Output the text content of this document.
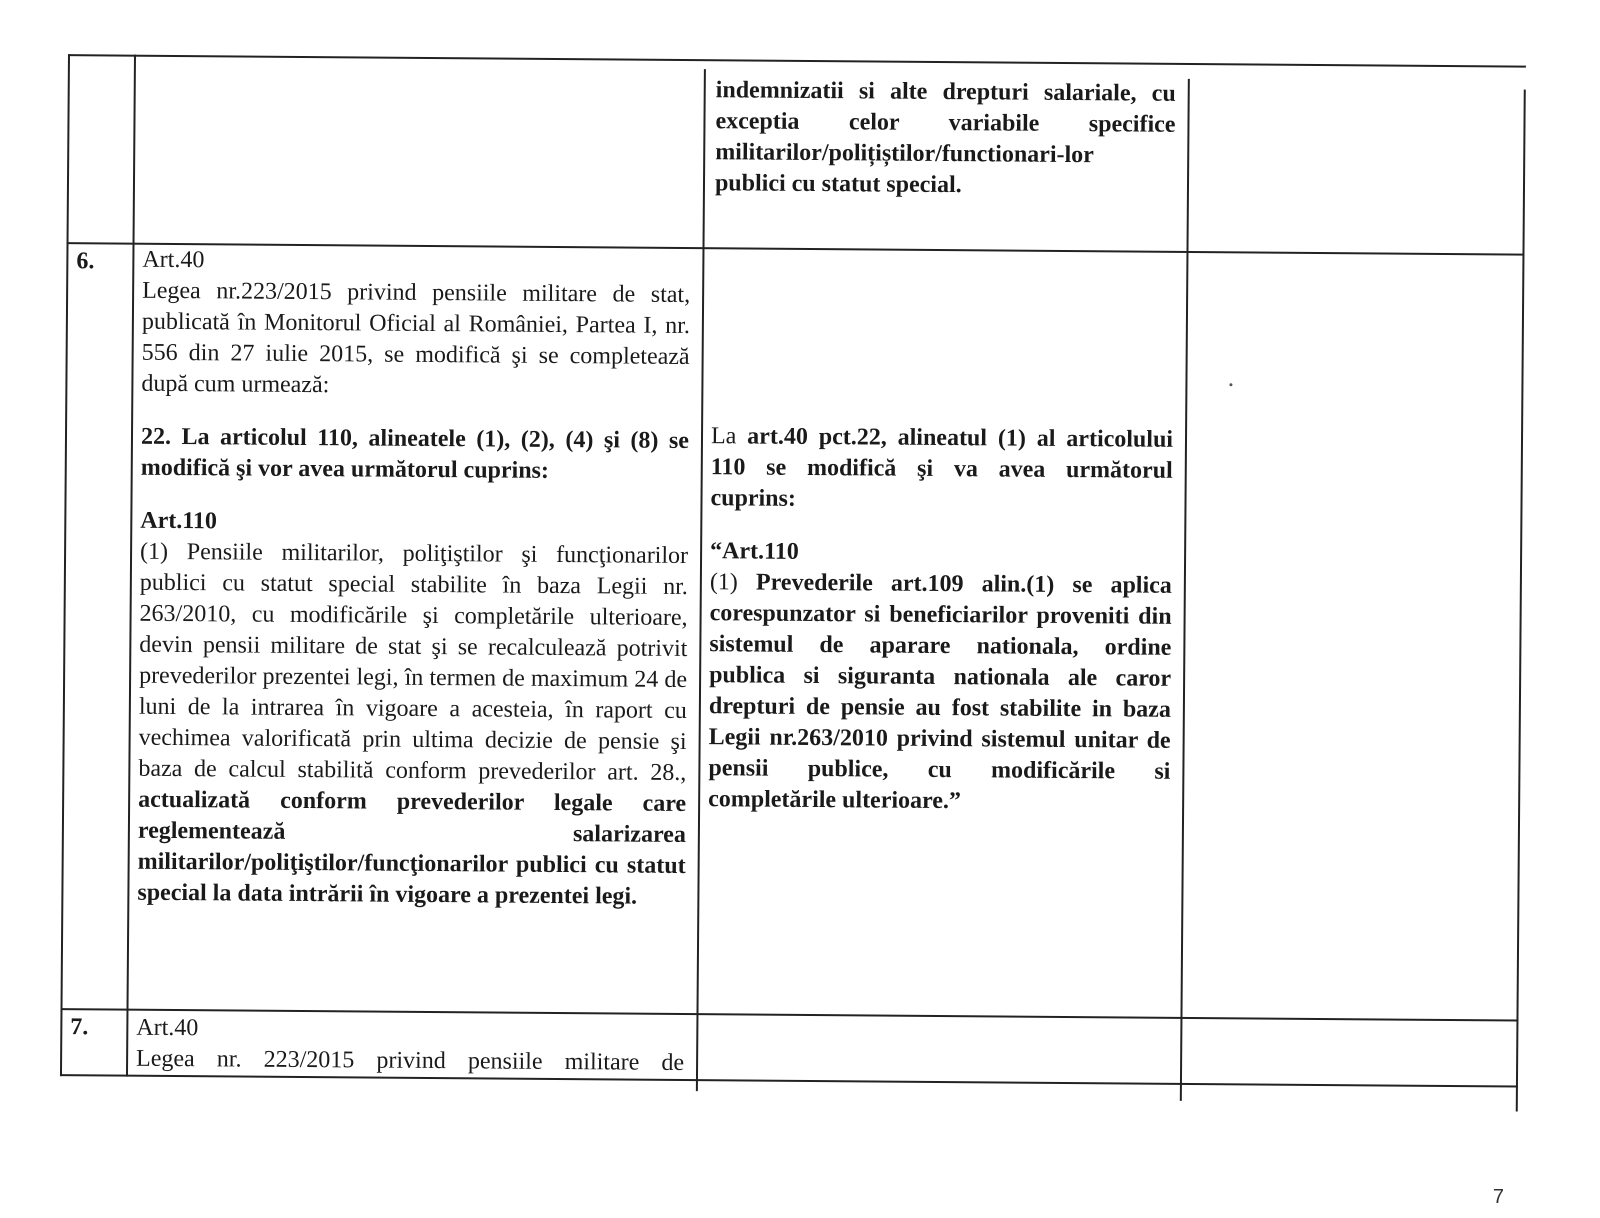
indemnizatii si alte drepturi salariale, cu
exceptia celor variabile specifice
militarilor/polițiștilor/functionari-lor
publici cu statut special.
6. Art.40
Legea nr.223/2015 privind pensiile militare de stat, publicată în Monitorul Oficial al României, Partea I, nr. 556 din 27 iulie 2015, se modifică şi se completează după cum urmează:
22. La articolul 110, alineatele (1), (2), (4) şi (8) se modifică şi vor avea următorul cuprins:
Art.110
(1) Pensiile militarilor, poliţiştilor şi funcţionarilor publici cu statut special stabilite în baza Legii nr. 263/2010, cu modificările şi completările ulterioare, devin pensii militare de stat şi se recalculează potrivit prevederilor prezentei legi, în termen de maximum 24 de luni de la intrarea în vigoare a acesteia, în raport cu vechimea valorificată prin ultima decizie de pensie şi baza de calcul stabilită conform prevederilor art. 28., actualizată conform prevederilor legale care reglementează salarizarea militarilor/poliţiştilor/funcţionarilor publici cu statut special la data intrării în vigoare a prezentei legi.
La art.40 pct.22, alineatul (1) al articolului 110 se modifică şi va avea următorul cuprins:
“Art.110
(1) Prevederile art.109 alin.(1) se aplica corespunzator si beneficiarilor proveniti din sistemul de aparare nationala, ordine publica si siguranta nationala ale caror drepturi de pensie au fost stabilite in baza Legii nr.263/2010 privind sistemul unitar de pensii publice, cu modificările si completările ulterioare.”
7. Art.40
Legea nr. 223/2015 privind pensiile militare de
7
